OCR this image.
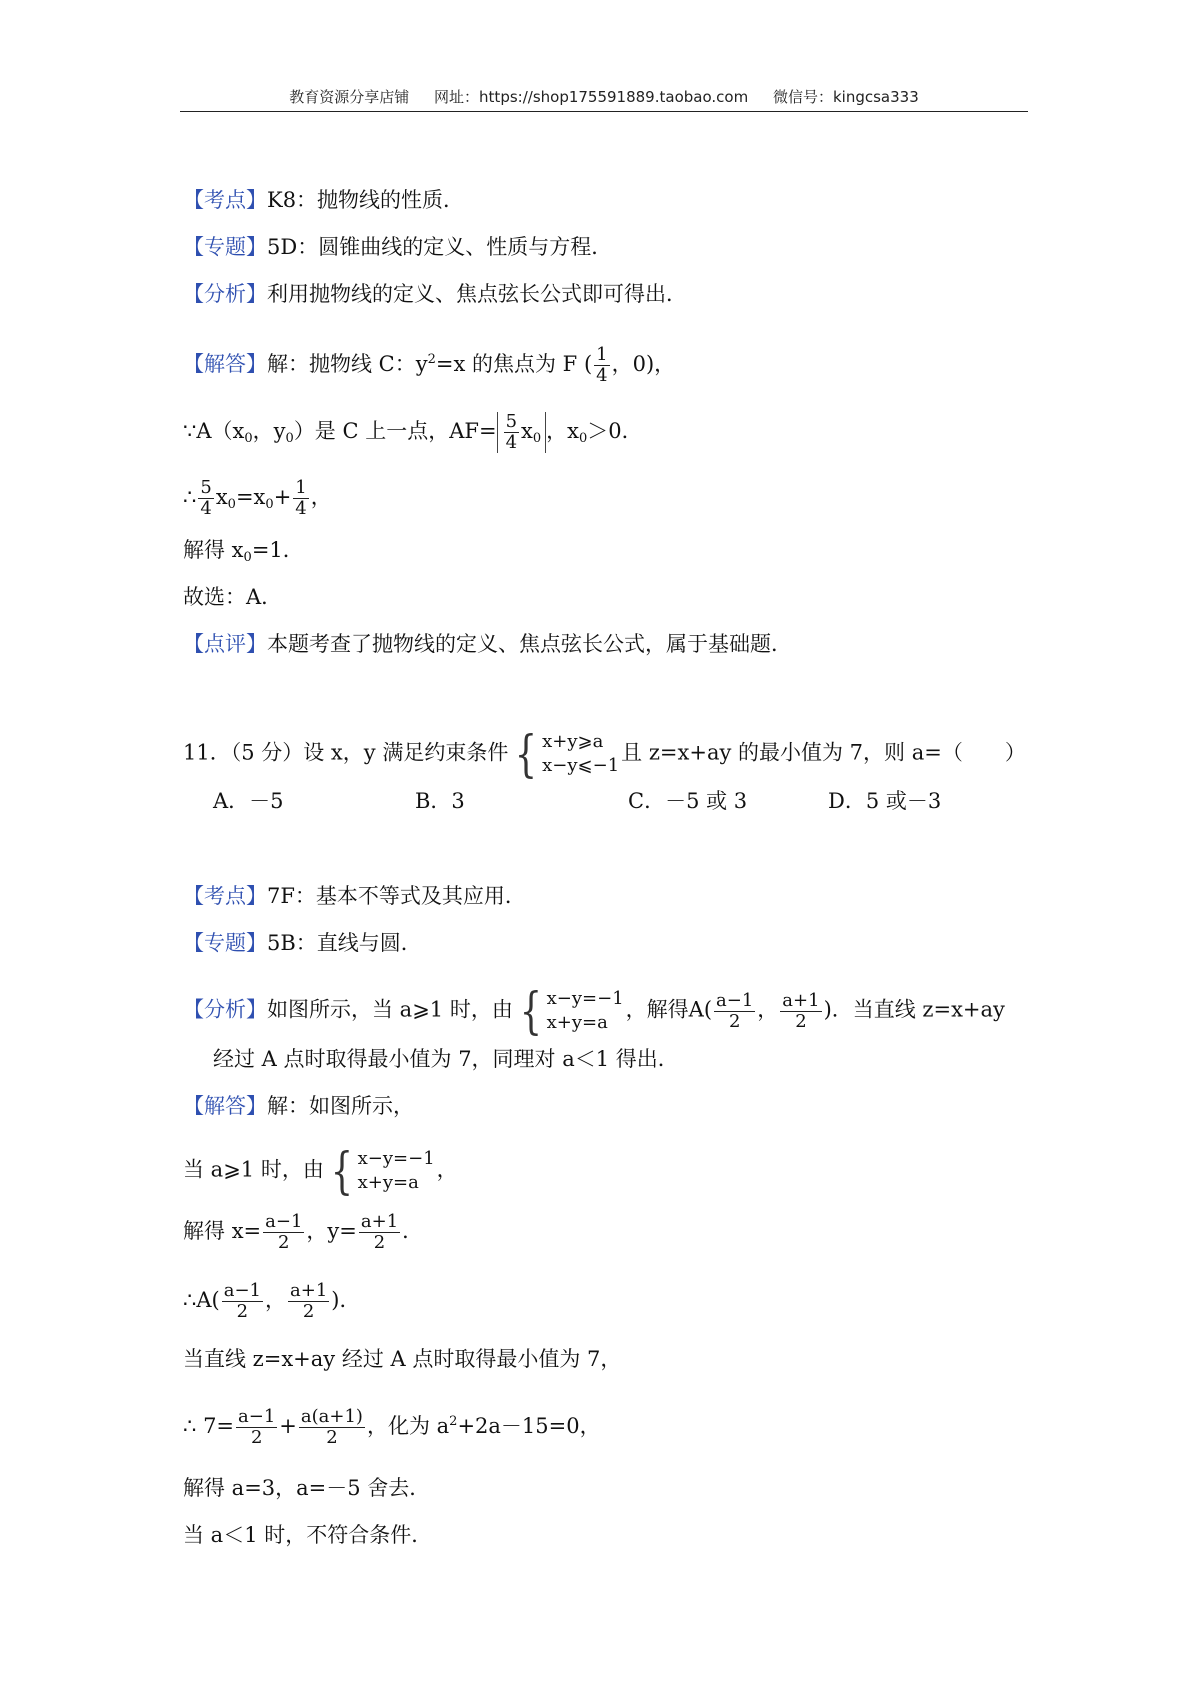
教育资源分享店铺 网址：https://shop175591889.taobao.com 微信号：kingcsa333
【考点】K8：抛物线的性质．
【专题】5D：圆锥曲线的定义、性质与方程．
【分析】利用抛物线的定义、焦点弦长公式即可得出．
【解答】解：抛物线 C：$y^2=x$ 的焦点为 F ( $\frac{1}{4}$ ，0)，
$\because A(x_0$，$y_0$）是 C 上一点，$AF= \frac{5}{4} x_0$ ，$x_0>0$．
∴ $\frac{5}{4} x_0=x_0+ \frac{1}{4}$ ，
解得 $x_0=1$．
故选：A．
【点评】本题考查了抛物线的定义、焦点弦长公式，属于基础题．
11．（5 分）设 x，y 满足约束条件 { x+y⩾a
x−y⩽−1
且 z=x+ay 的最小值为 7，则 a=（　　）
A．－5	B．3	C．－5 或 3	D．5 或－3
【考点】7F：基本不等式及其应用．
【专题】5B：直线与圆．
【分析】如图所示，当 a⩾1 时，由 { x−y=−1
x+y=a
，解得$A( \frac{a-1}{2}$ ， $\frac{a+1}{2}$ )．当直线 z=x+ay
经过 A 点时取得最小值为 7，同理对 a＜1 得出．
【解答】解：如图所示，
当 a⩾1 时，由 { x−y=−1
x+y=a
，
解得 $x= \frac{a-1}{2}$ ，$y= \frac{a+1}{2}$ ．
∴A( $\frac{a-1}{2}$ ， $\frac{a+1}{2}$ )．
当直线 z=x+ay 经过 A 点时取得最小值为 7，
∴ $7= \frac{a-1}{2} + \frac{a(a+1)}{2}$ ，化为 $a^2+2a-15=0$，
解得 a=3，a=－5 舍去．
当 a＜1 时，不符合条件．
